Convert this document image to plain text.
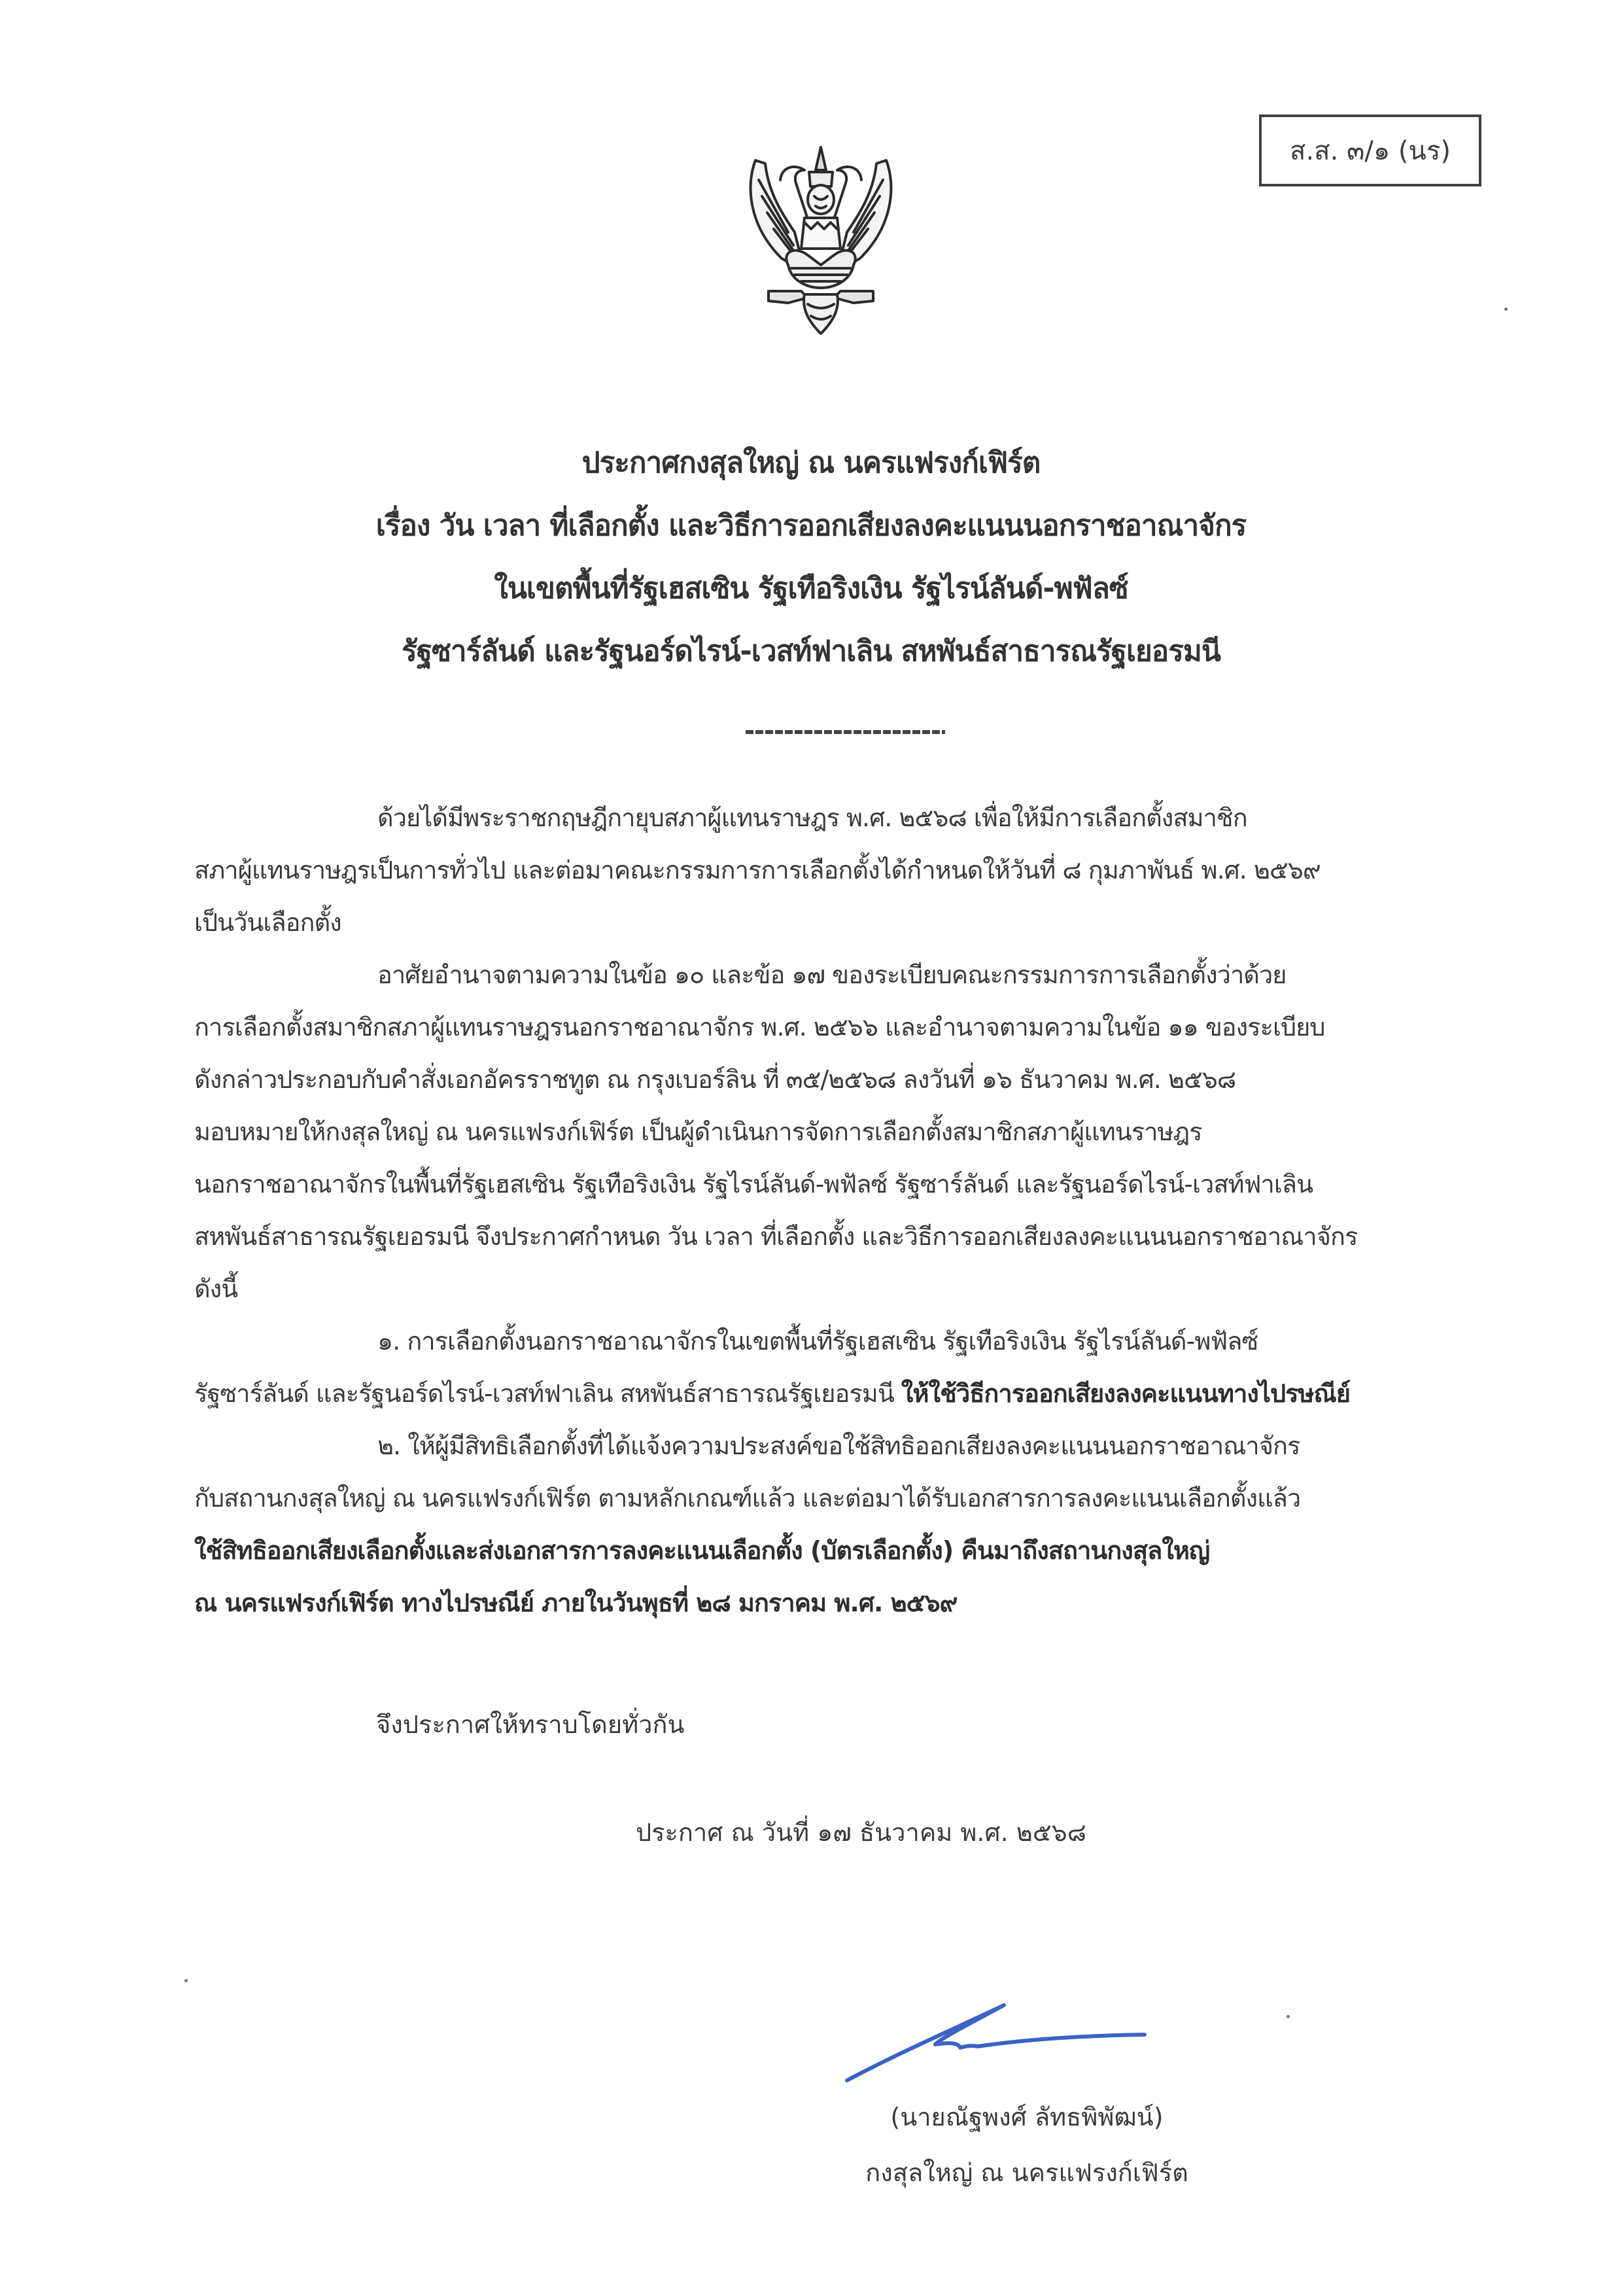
ส.ส. ๓/๑ (นร)
ประกาศกงสุลใหญ่ ณ นครแฟรงก์เฟิร์ต
เรื่อง วัน เวลา ที่เลือกตั้ง และวิธีการออกเสียงลงคะแนนนอกราชอาณาจักร
ในเขตพื้นที่รัฐเฮสเซิน รัฐเทือริงเงิน รัฐไรน์ลันด์-พฟัลซ์
รัฐซาร์ลันด์ และรัฐนอร์ดไรน์-เวสท์ฟาเลิน สหพันธ์สาธารณรัฐเยอรมนี
ด้วยได้มีพระราชกฤษฎีกายุบสภาผู้แทนราษฎร พ.ศ. ๒๕๖๘ เพื่อให้มีการเลือกตั้งสมาชิก
สภาผู้แทนราษฎรเป็นการทั่วไป และต่อมาคณะกรรมการการเลือกตั้งได้กำหนดให้วันที่ ๘ กุมภาพันธ์ พ.ศ. ๒๕๖๙
เป็นวันเลือกตั้ง
อาศัยอำนาจตามความในข้อ ๑๐ และข้อ ๑๗ ของระเบียบคณะกรรมการการเลือกตั้งว่าด้วย
การเลือกตั้งสมาชิกสภาผู้แทนราษฎรนอกราชอาณาจักร พ.ศ. ๒๕๖๖ และอำนาจตามความในข้อ ๑๑ ของระเบียบ
ดังกล่าวประกอบกับคำสั่งเอกอัครราชทูต ณ กรุงเบอร์ลิน ที่ ๓๕/๒๕๖๘ ลงวันที่ ๑๖ ธันวาคม พ.ศ. ๒๕๖๘
มอบหมายให้กงสุลใหญ่ ณ นครแฟรงก์เฟิร์ต เป็นผู้ดำเนินการจัดการเลือกตั้งสมาชิกสภาผู้แทนราษฎร
นอกราชอาณาจักรในพื้นที่รัฐเฮสเซิน รัฐเทือริงเงิน รัฐไรน์ลันด์-พฟัลซ์ รัฐซาร์ลันด์ และรัฐนอร์ดไรน์-เวสท์ฟาเลิน
สหพันธ์สาธารณรัฐเยอรมนี จึงประกาศกำหนด วัน เวลา ที่เลือกตั้ง และวิธีการออกเสียงลงคะแนนนอกราชอาณาจักร
ดังนี้
๑. การเลือกตั้งนอกราชอาณาจักรในเขตพื้นที่รัฐเฮสเซิน รัฐเทือริงเงิน รัฐไรน์ลันด์-พฟัลซ์
รัฐซาร์ลันด์ และรัฐนอร์ดไรน์-เวสท์ฟาเลิน สหพันธ์สาธารณรัฐเยอรมนี ให้ใช้วิธีการออกเสียงลงคะแนนทางไปรษณีย์
๒. ให้ผู้มีสิทธิเลือกตั้งที่ได้แจ้งความประสงค์ขอใช้สิทธิออกเสียงลงคะแนนนอกราชอาณาจักร
กับสถานกงสุลใหญ่ ณ นครแฟรงก์เฟิร์ต ตามหลักเกณฑ์แล้ว และต่อมาได้รับเอกสารการลงคะแนนเลือกตั้งแล้ว
ใช้สิทธิออกเสียงเลือกตั้งและส่งเอกสารการลงคะแนนเลือกตั้ง (บัตรเลือกตั้ง) คืนมาถึงสถานกงสุลใหญ่
ณ นครแฟรงก์เฟิร์ต ทางไปรษณีย์ ภายในวันพุธที่ ๒๘ มกราคม พ.ศ. ๒๕๖๙
จึงประกาศให้ทราบโดยทั่วกัน
ประกาศ ณ วันที่ ๑๗ ธันวาคม พ.ศ. ๒๕๖๘
(นายณัฐพงศ์ ลัทธพิพัฒน์)
กงสุลใหญ่ ณ นครแฟรงก์เฟิร์ต
